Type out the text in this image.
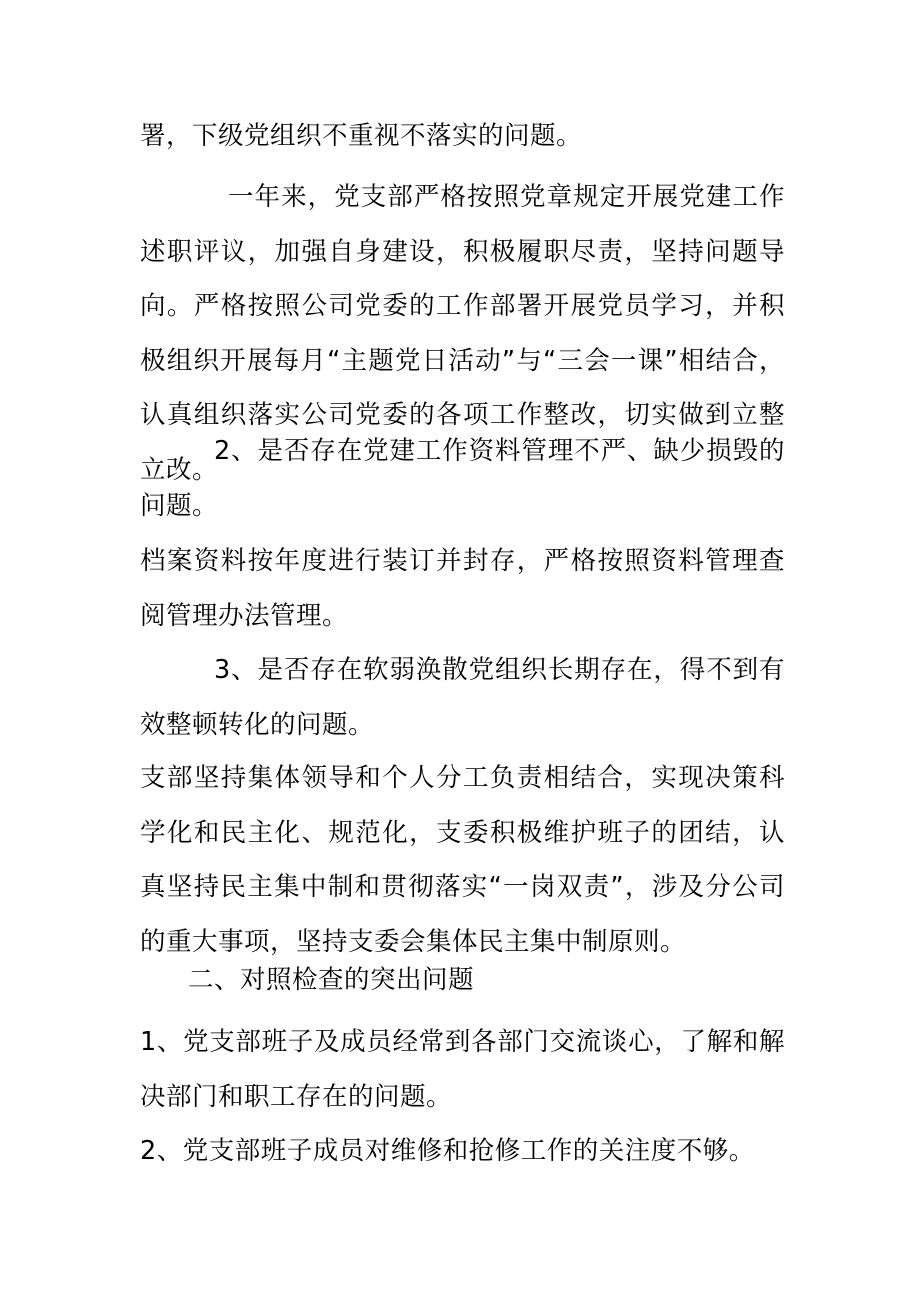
署，下级党组织不重视不落实的问题。

一年来，党支部严格按照党章规定开展党建工作述职评议，加强自身建设，积极履职尽责，坚持问题导向。严格按照公司党委的工作部署开展党员学习，并积极组织开展每月“主题党日活动”与“三会一课”相结合，认真组织落实公司党委的各项工作整改，切实做到立整立改。

2、是否存在党建工作资料管理不严、缺少损毁的问题。

档案资料按年度进行装订并封存，严格按照资料管理查阅管理办法管理。

3、是否存在软弱涣散党组织长期存在，得不到有效整顿转化的问题。

支部坚持集体领导和个人分工负责相结合，实现决策科学化和民主化、规范化，支委积极维护班子的团结，认真坚持民主集中制和贯彻落实“一岗双责”，涉及分公司的重大事项，坚持支委会集体民主集中制原则。

二、对照检查的突出问题

1、党支部班子及成员经常到各部门交流谈心，了解和解决部门和职工存在的问题。

2、党支部班子成员对维修和抢修工作的关注度不够。
